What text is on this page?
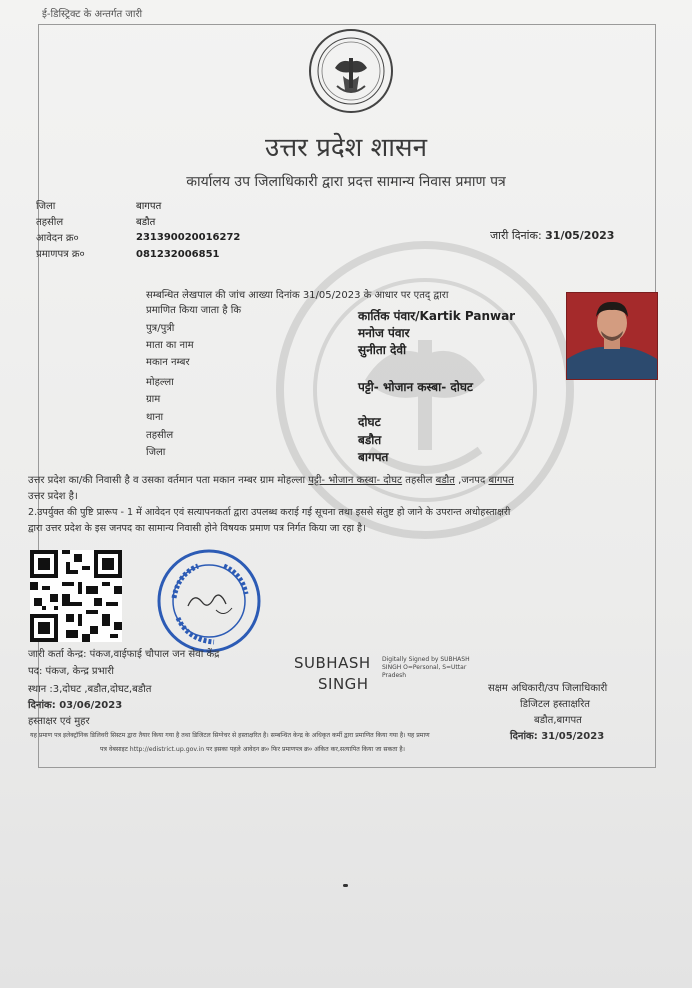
ई-डिस्ट्रिक्ट के अन्तर्गत जारी
उत्तर प्रदेश शासन
कार्यालय उप जिलाधिकारी द्वारा प्रदत्त सामान्य निवास प्रमाण पत्र
जिला	बागपत
तहसील	बडौत
आवेदन क्र०	231390020016272
प्रमाणपत्र क्र०	081232006851
जारी दिनांक: 31/05/2023
सम्बन्धित लेखपाल की जांच आख्या दिनांक 31/05/2023 के आधार पर एतद् द्वारा
प्रमाणित किया जाता है कि	कार्तिक पंवार/Kartik Panwar
पुत्र/पुत्री	मनोज पंवार
माता का नाम	सुनीता देवी
मकान नम्बर
मोहल्ला	पट्टी- भोजान कस्बा- दोघट
ग्राम
थाना	दोघट
तहसील	बडौत
जिला	बागपत
उत्तर प्रदेश का/की निवासी है व उसका वर्तमान पता मकान नम्बर ग्राम मोहल्ला पट्टी- भोजान कस्बा- दोघट तहसील बडौत ,जनपद बागपत
उत्तर प्रदेश है।
2.उपर्युक्त की पुष्टि प्रारूप - 1 में आवेदन एवं सत्यापनकर्ता द्वारा उपलब्ध कराई गई सूचना तथा इससे संतुष्ट हो जाने के उपरान्त अधोहस्ताक्षरी
द्वारा उत्तर प्रदेश के इस जनपद का सामान्य निवासी होने विषयक प्रमाण पत्र निर्गत किया जा रहा है।
जारी कर्ता केन्द्र: पंकज,वाईफाई चौपाल जन सेवा केंद्र
पद: पंकज, केन्द्र प्रभारी
स्थान :3,दोघट ,बडौत,दोघट,बडौत
दिनांक: 03/06/2023
हस्ताक्षर एवं मुहर
SUBHASH
SINGH
Digitally Signed by SUBHASH
SINGH O=Personal, S=Uttar
Pradesh
सक्षम अधिकारी/उप जिलाधिकारी
डिजिटल हस्ताक्षरित
बडौत,बागपत
दिनांक: 31/05/2023
यह प्रमाण पत्र इलेक्ट्रॉनिक डिलिवरी सिस्टम द्वारा तैयार किया गया है तथा डिजिटल सिग्नेचर से हस्ताक्षरित है। सम्बन्धित केन्द्र के अधिकृत कर्मी द्वारा प्रमाणित किया गया है। यह प्रमाण
पत्र वेबसाइट http://edistrict.up.gov.in पर इसका पहले आवेदन क्र० फिर प्रमाणपत्र क्र० अंकित कर,सत्यापित किया जा सकता है।
